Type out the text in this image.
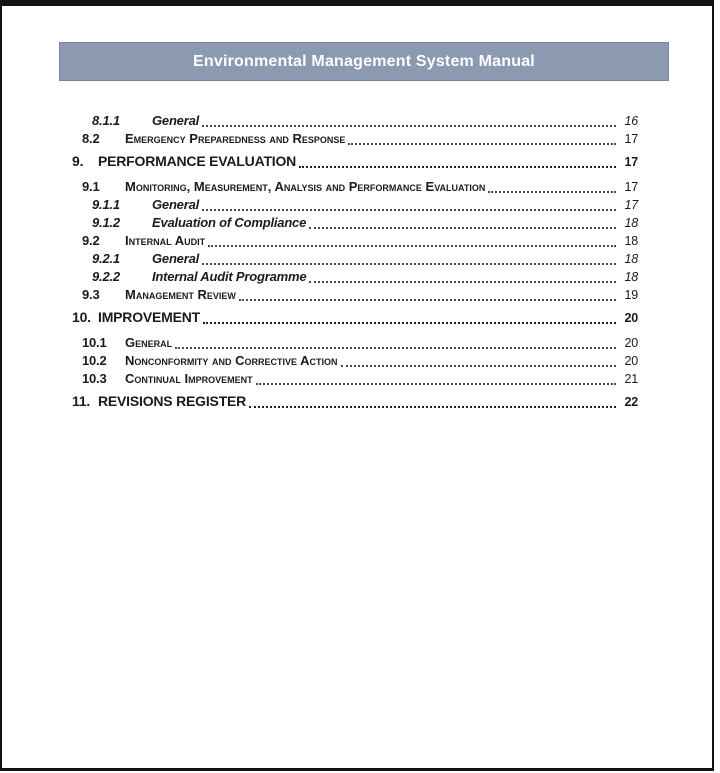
Environmental Management System Manual
8.1.1	General	16
8.2	Emergency Preparedness and Response	17
9.	PERFORMANCE EVALUATION	17
9.1	Monitoring, Measurement, Analysis and Performance Evaluation	17
9.1.1	General	17
9.1.2	Evaluation of Compliance	18
9.2	Internal Audit	18
9.2.1	General	18
9.2.2	Internal Audit Programme	18
9.3	Management Review	19
10. IMPROVEMENT	20
10.1	General	20
10.2	Nonconformity and Corrective Action	20
10.3	Continual Improvement	21
11. REVISIONS REGISTER	22
